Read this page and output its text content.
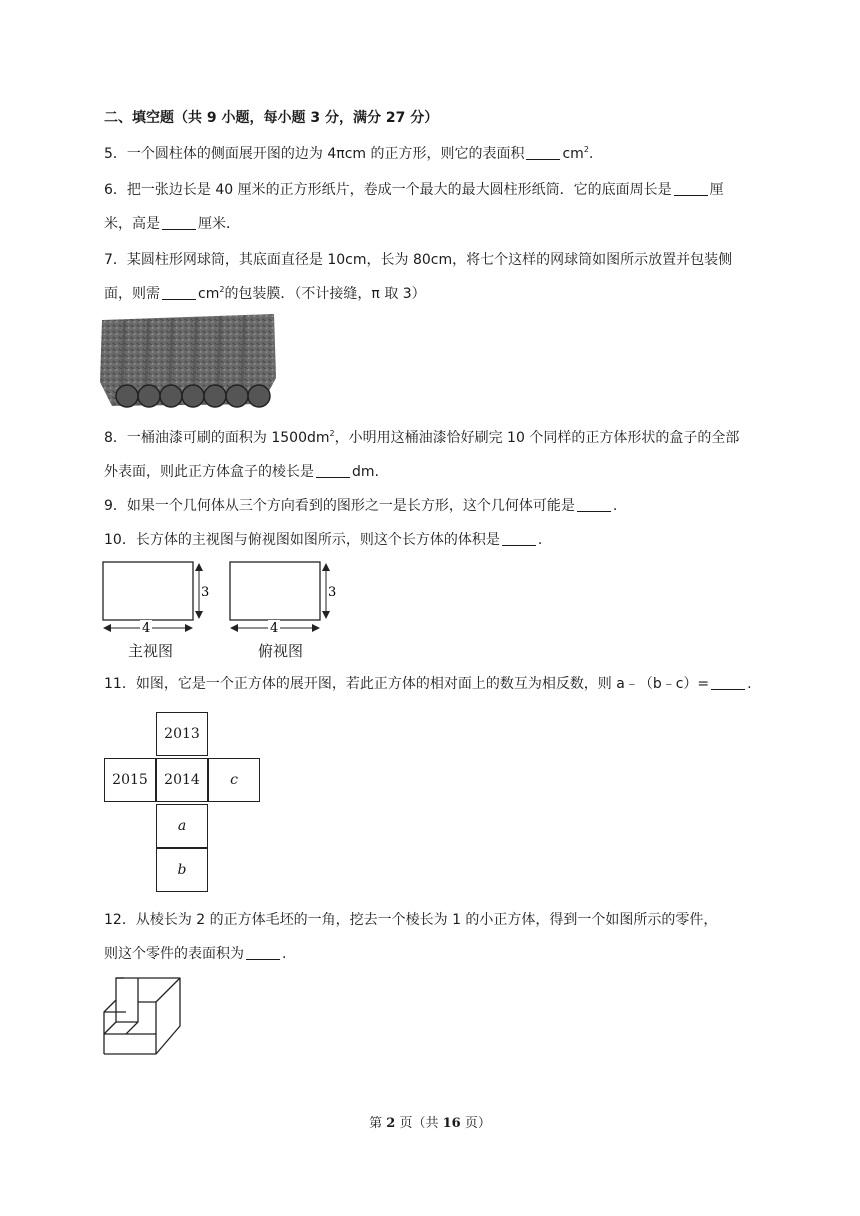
二、填空题（共 9 小题，每小题 3 分，满分 27 分）
5．一个圆柱体的侧面展开图的边为 4πcm 的正方形，则它的表面积	$cm^2$.
6．把一张边长是 40 厘米的正方形纸片，卷成一个最大的最大圆柱形纸筒．它的底面周长是	厘
米，高是	厘米．
7．某圆柱形网球筒，其底面直径是 10cm，长为 80cm，将七个这样的网球筒如图所示放置并包装侧
面，则需	$cm^2$的包装膜．（不计接缝，π 取 3）
8．一桶油漆可刷的面积为 $1500dm^2$，小明用这桶油漆恰好刷完 10 个同样的正方体形状的盒子的全部
外表面，则此正方体盒子的棱长是	dm.
9．如果一个几何体从三个方向看到的图形之一是长方形，这个几何体可能是	.
10．长方体的主视图与俯视图如图所示，则这个长方体的体积是	.
3
4
3
4
主视图	俯视图
11．如图，它是一个正方体的展开图，若此正方体的相对面上的数互为相反数，则 a﹣（b﹣c）=	.
2013
2015	2014	c
a
b
12．从棱长为 2 的正方体毛坯的一角，挖去一个棱长为 1 的小正方体，得到一个如图所示的零件，
则这个零件的表面积为	.
第 2 页（共 16 页）
